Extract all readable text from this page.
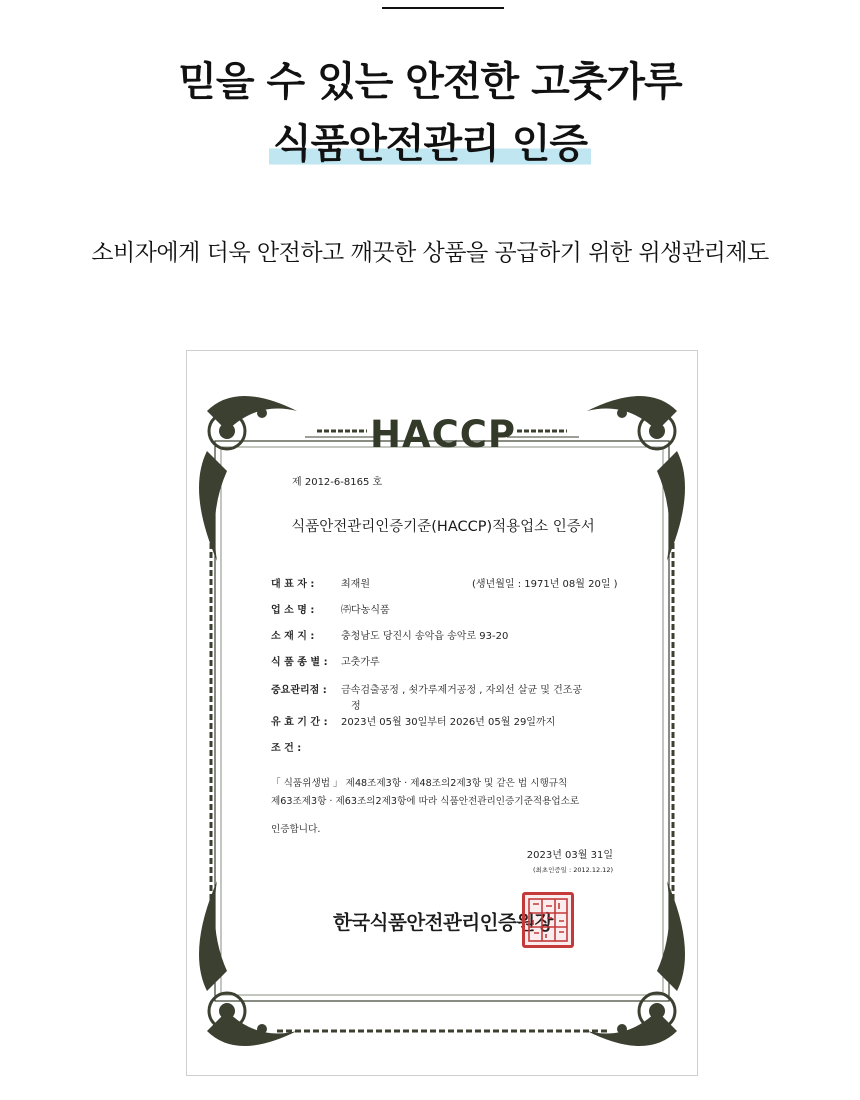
믿을 수 있는 안전한 고춧가루
식품안전관리 인증
소비자에게 더욱 안전하고 깨끗한 상품을 공급하기 위한 위생관리제도
HACCP
제 2012-6-8165 호
식품안전관리인증기준(HACCP)적용업소 인증서
대 표 자 :	최재원	(생년월일 : 1971년 08월 20일 )
업 소 명 :	㈜다농식품
소 재 지 :	충청남도 당진시 송악읍 송악로 93-20
식 품 종 별 : 고춧가루
중요관리점 : 금속검출공정 , 쇳가루제거공정 , 자외선 살균 및 건조공
정
유 효 기 간 : 2023년 05월 30일부터 2026년 05월 29일까지
조 건 :
「 식품위생법 」 제48조제3항 · 제48조의2제3항 및 같은 법 시행규칙
제63조제3항 · 제63조의2제3항에 따라 식품안전관리인증기준적용업소로
인증합니다.
2023년 03월 31일
(최초인증일 : 2012.12.12)
한국식품안전관리인증원장
